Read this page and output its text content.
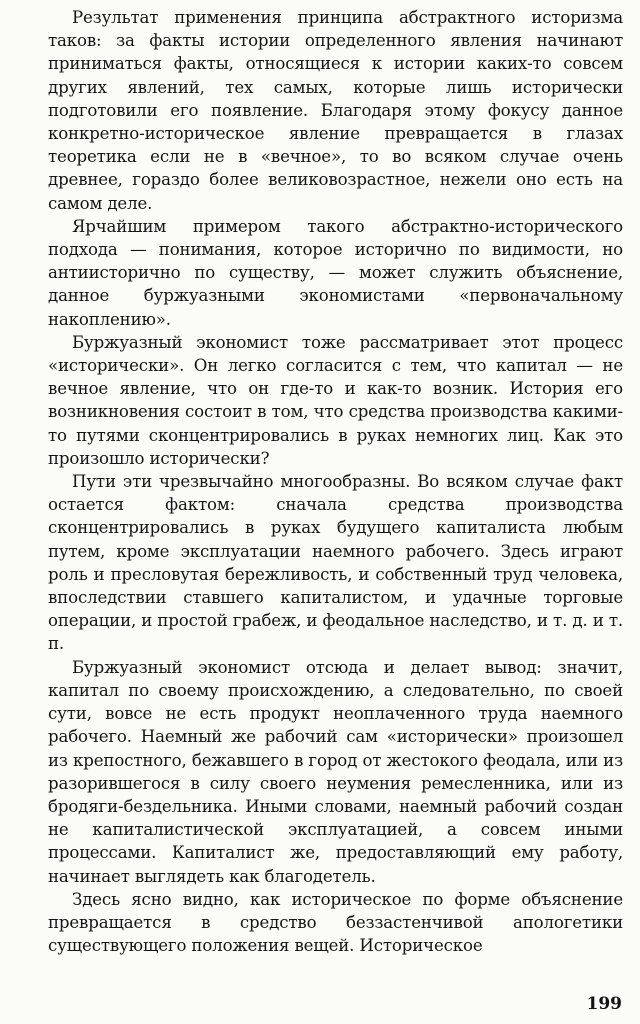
Результат применения принципа абстрактного историзма таков: за факты истории определенного явления начинают приниматься факты, относящиеся к истории каких-то совсем других явлений, тех самых, которые лишь исторически подготовили его появление. Благодаря этому фокусу данное конкретно-историческое явление превращается в глазах теоретика если не в «вечное», то во всяком случае очень древнее, гораздо более великовозрастное, нежели оно есть на самом деле.

Ярчайшим примером такого абстрактно-исторического подхода — понимания, которое исторично по видимости, но антиисторично по существу, — может служить объяснение, данное буржуазными экономистами «первоначальному накоплению».

Буржуазный экономист тоже рассматривает этот процесс «исторически». Он легко согласится с тем, что капитал — не вечное явление, что он где-то и как-то возник. История его возникновения состоит в том, что средства производства какими-то путями сконцентрировались в руках немногих лиц. Как это произошло исторически?

Пути эти чрезвычайно многообразны. Во всяком случае факт остается фактом: сначала средства производства сконцентрировались в руках будущего капиталиста любым путем, кроме эксплуатации наемного рабочего. Здесь играют роль и пресловутая бережливость, и собственный труд человека, впоследствии ставшего капиталистом, и удачные торговые операции, и простой грабеж, и феодальное наследство, и т. д. и т. п.

Буржуазный экономист отсюда и делает вывод: значит, капитал по своему происхождению, а следовательно, по своей сути, вовсе не есть продукт неоплаченного труда наемного рабочего. Наемный же рабочий сам «исторически» произошел из крепостного, бежавшего в город от жестокого феодала, или из разорившегося в силу своего неумения ремесленника, или из бродяги-бездельника. Иными словами, наемный рабочий создан не капиталистической эксплуатацией, а совсем иными процессами. Капиталист же, предоставляющий ему работу, начинает выглядеть как благодетель.

Здесь ясно видно, как историческое по форме объяснение превращается в средство беззастенчивой апологетики существующего положения вещей. Историческое

199
